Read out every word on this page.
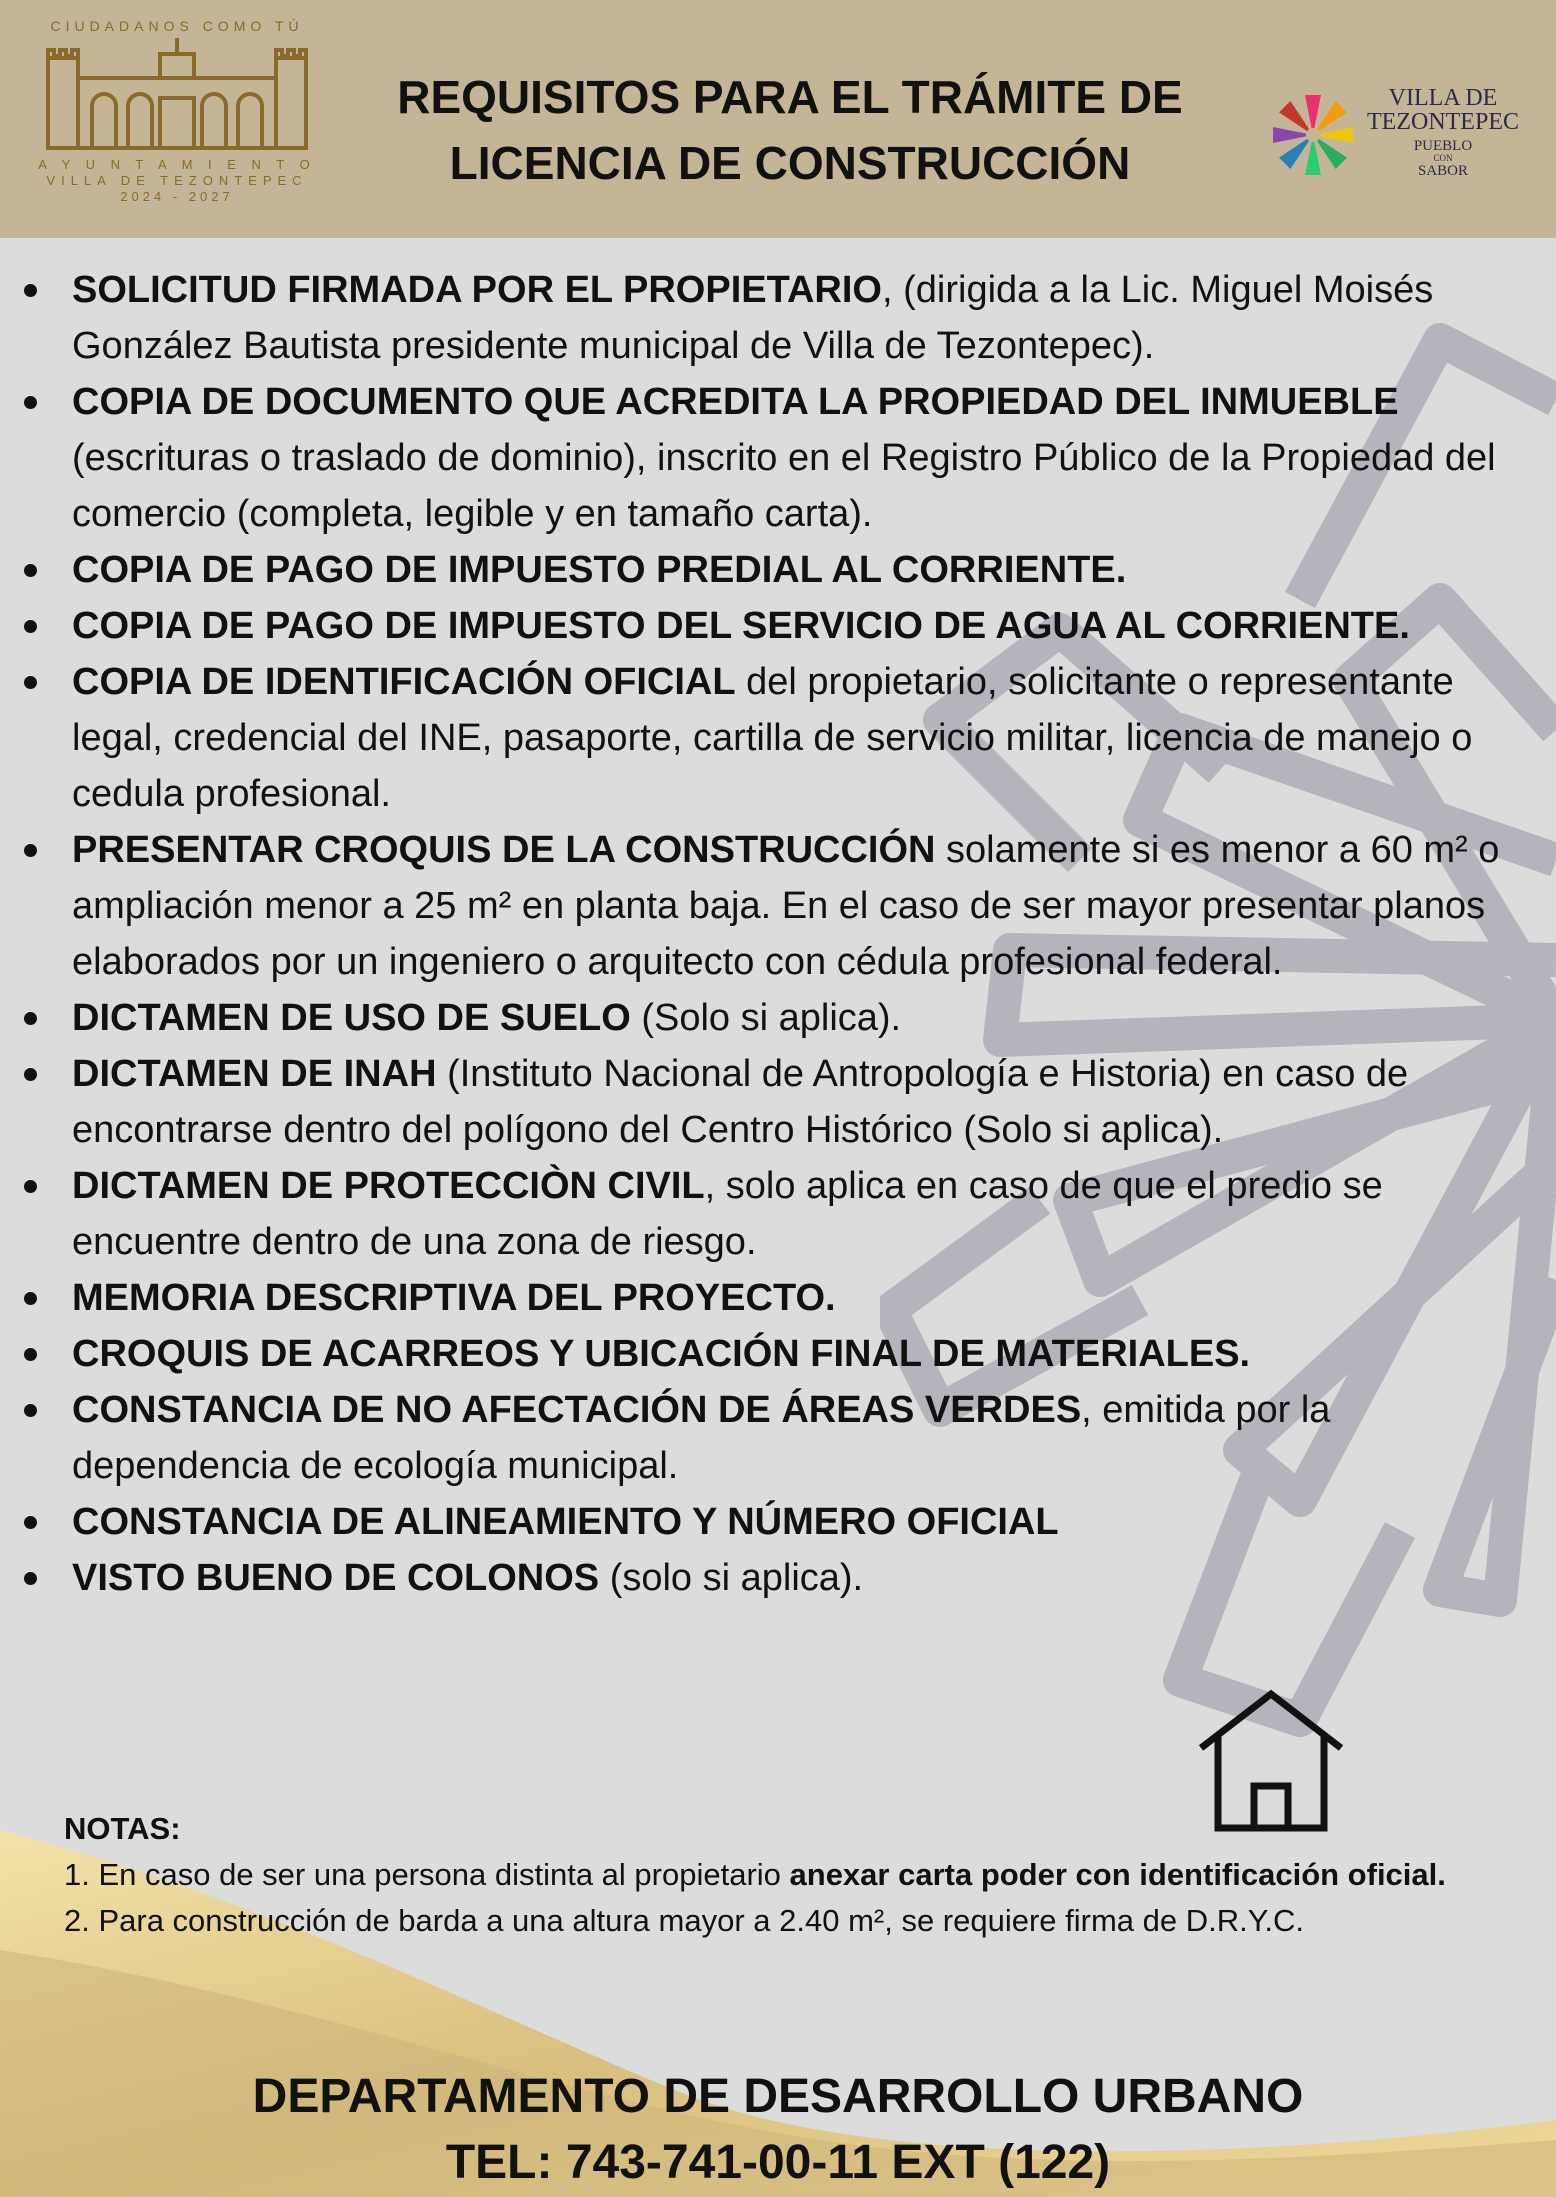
CIUDADANOS COMO TÚ
A Y U N T A M I E N T O
VILLA DE TEZONTEPEC
2024 - 2027
REQUISITOS PARA EL TRÁMITE DE
LICENCIA DE CONSTRUCCIÓN
VILLA DE
TEZONTEPEC
PUEBLO
CON
SABOR
SOLICITUD FIRMADA POR EL PROPIETARIO, (dirigida a la Lic. Miguel Moisés González Bautista presidente municipal de Villa de Tezontepec).
COPIA DE DOCUMENTO QUE ACREDITA LA PROPIEDAD DEL INMUEBLE (escrituras o traslado de dominio), inscrito en el Registro Público de la Propiedad del comercio (completa, legible y en tamaño carta).
COPIA DE PAGO DE IMPUESTO PREDIAL AL CORRIENTE.
COPIA DE PAGO DE IMPUESTO DEL SERVICIO DE AGUA AL CORRIENTE.
COPIA DE IDENTIFICACIÓN OFICIAL del propietario, solicitante o representante legal, credencial del INE, pasaporte, cartilla de servicio militar, licencia de manejo o cedula profesional.
PRESENTAR CROQUIS DE LA CONSTRUCCIÓN solamente si es menor a 60 m² o ampliación menor a 25 m² en planta baja. En el caso de ser mayor presentar planos elaborados por un ingeniero o arquitecto con cédula profesional federal.
DICTAMEN DE USO DE SUELO (Solo si aplica).
DICTAMEN DE INAH (Instituto Nacional de Antropología e Historia) en caso de encontrarse dentro del polígono del Centro Histórico (Solo si aplica).
DICTAMEN DE PROTECCIÒN CIVIL, solo aplica en caso de que el predio se encuentre dentro de una zona de riesgo.
MEMORIA DESCRIPTIVA DEL PROYECTO.
CROQUIS DE ACARREOS Y UBICACIÓN FINAL DE MATERIALES.
CONSTANCIA DE NO AFECTACIÓN DE ÁREAS VERDES, emitida por la dependencia de ecología municipal.
CONSTANCIA DE ALINEAMIENTO Y NÚMERO OFICIAL
VISTO BUENO DE COLONOS (solo si aplica).
NOTAS:
1. En caso de ser una persona distinta al propietario anexar carta poder con identificación oficial.
2. Para construcción de barda a una altura mayor a 2.40 m², se requiere firma de D.R.Y.C.
DEPARTAMENTO DE DESARROLLO URBANO
TEL: 743-741-00-11 EXT (122)
